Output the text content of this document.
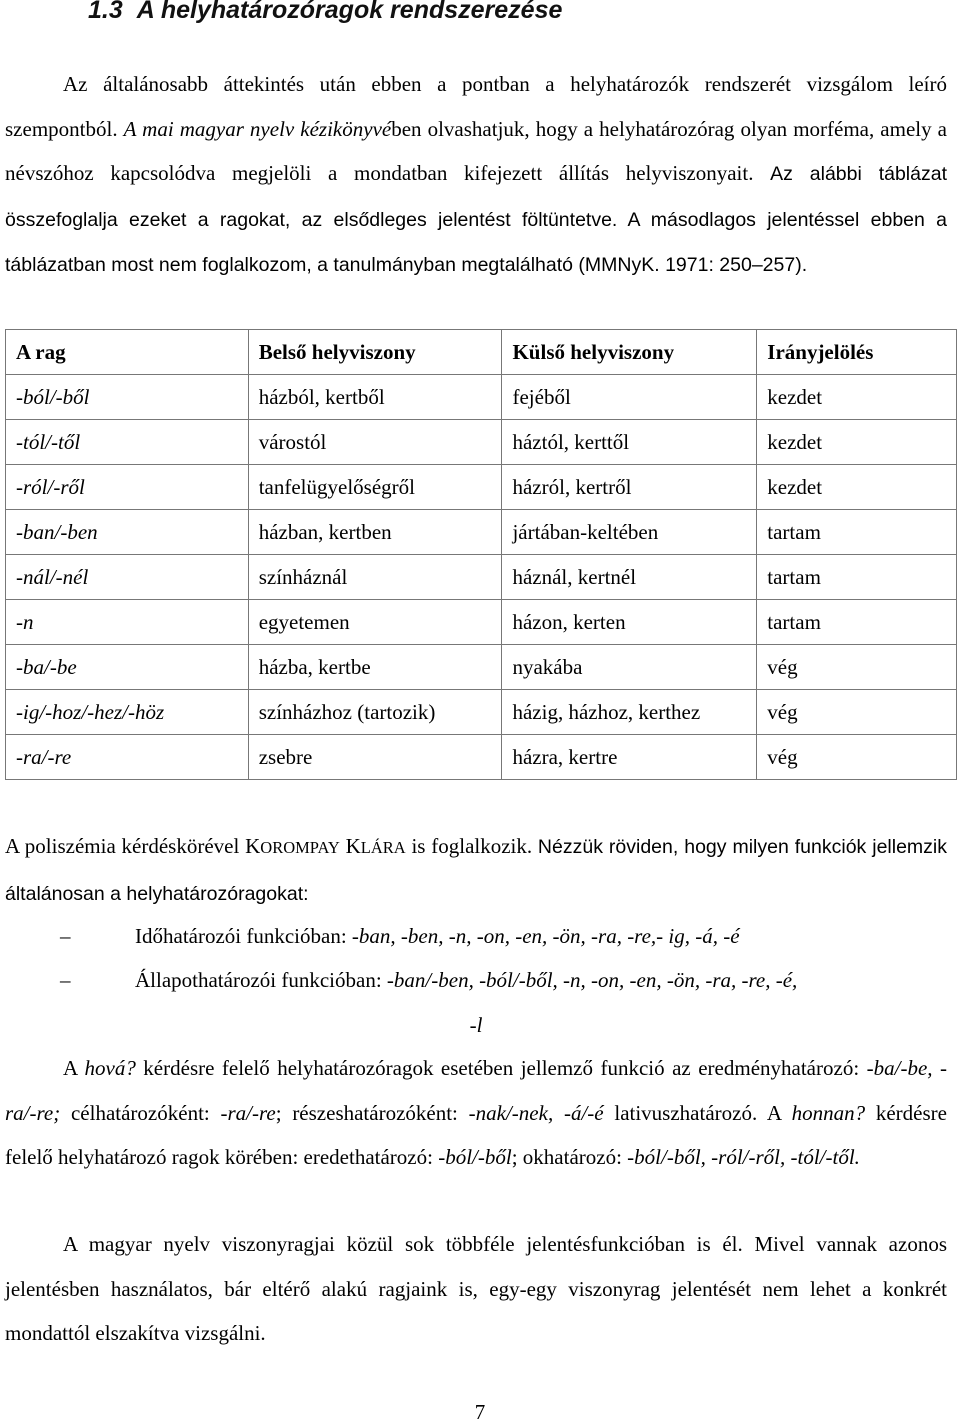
1.3 A helyhatározóragok rendszerezése
Az általánosabb áttekintés után ebben a pontban a helyhatározók rendszerét vizsgálom leíró szempontból. A mai magyar nyelv kézikönyvében olvashatjuk, hogy a helyhatározórag olyan morféma, amely a névszóhoz kapcsolódva megjelöli a mondatban kifejezett állítás helyviszonyait. Az alábbi táblázat összefoglalja ezeket a ragokat, az elsődleges jelentést föltüntetve. A másodlagos jelentéssel ebben a táblázatban most nem foglalkozom, a tanulmányban megtalálható (MMNyK. 1971: 250–257).
A rag	Belső helyviszony	Külső helyviszony	Irányjelölés
-ból/-ből	házból, kertből	fejéből	kezdet
-tól/-től	várostól	háztól, kerttől	kezdet
-ról/-ről	tanfelügyelőségről	házról, kertről	kezdet
-ban/-ben	házban, kertben	jártában-keltében	tartam
-nál/-nél	színháznál	háznál, kertnél	tartam
-n	egyetemen	házon, kerten	tartam
-ba/-be	házba, kertbe	nyakába	vég
-ig/-hoz/-hez/-höz	színházhoz (tartozik)	házig, házhoz, kerthez	vég
-ra/-re	zsebre	házra, kertre	vég
A poliszémia kérdéskörével KOROMPAY KLÁRA is foglalkozik. Nézzük röviden, hogy milyen funkciók jellemzik általánosan a helyhatározóragokat:
–	Időhatározói funkcióban: -ban, -ben, -n, -on, -en, -ön, -ra, -re,- ig, -á, -é
–	Állapothatározói funkcióban: -ban/-ben, -ból/-ből, -n, -on, -en, -ön, -ra, -re, -é,
-l
A hová? kérdésre felelő helyhatározóragok esetében jellemző funkció az eredményhatározó: -ba/-be, -ra/-re; célhatározóként: -ra/-re; részeshatározóként: -nak/-nek, -á/-é lativuszhatározó. A honnan? kérdésre felelő helyhatározó ragok körében: eredethatározó: -ból/-ből; okhatározó: -ból/-ből, -ról/-ről, -tól/-től.
A magyar nyelv viszonyragjai közül sok többféle jelentésfunkcióban is él. Mivel vannak azonos jelentésben használatos, bár eltérő alakú ragjaink is, egy-egy viszonyrag jelentését nem lehet a konkrét mondattól elszakítva vizsgálni.
7
